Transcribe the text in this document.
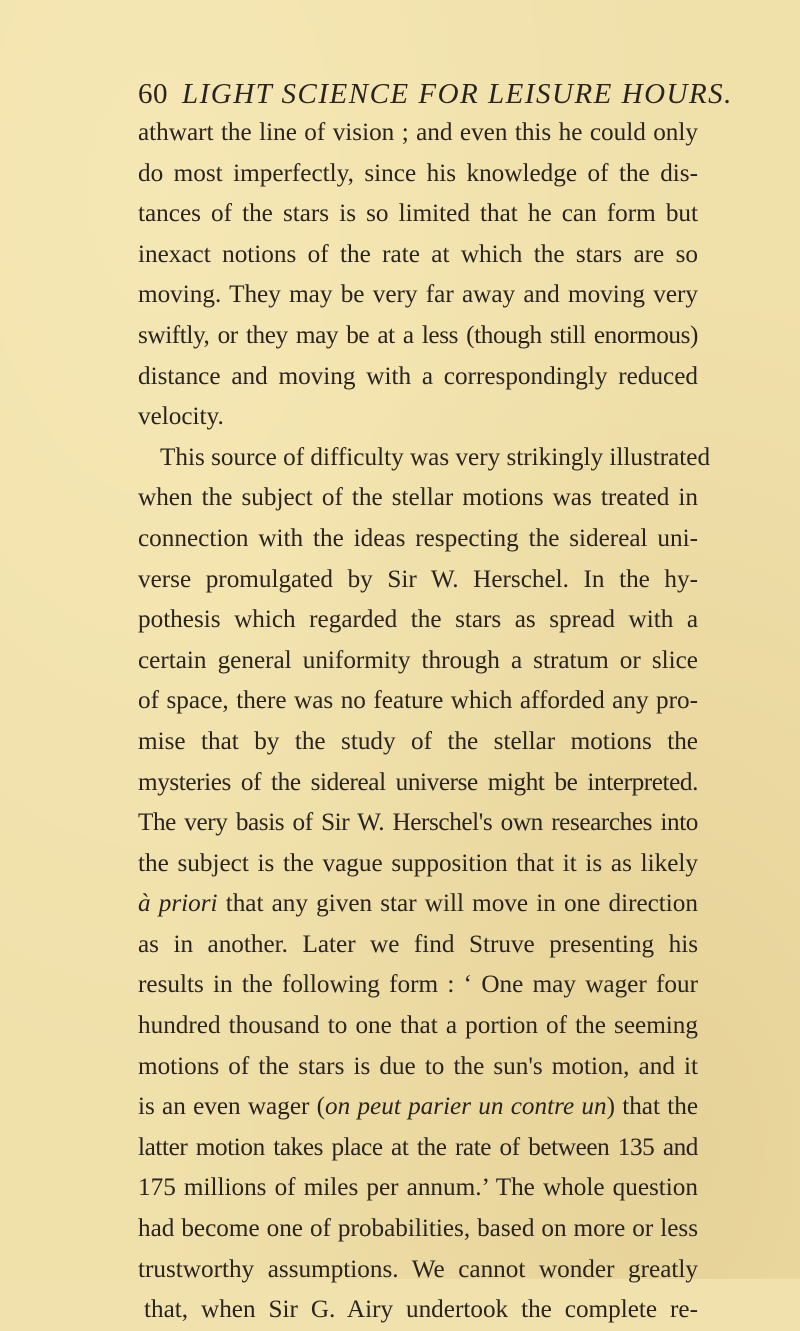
60 LIGHT SCIENCE FOR LEISURE HOURS.
athwart the line of vision ; and even this he could only
do most imperfectly, since his knowledge of the dis-
tances of the stars is so limited that he can form but
inexact notions of the rate at which the stars are so
moving. They may be very far away and moving very
swiftly, or they may be at a less (though still enormous)
distance and moving with a correspondingly reduced
velocity.
This source of difficulty was very strikingly illustrated
when the subject of the stellar motions was treated in
connection with the ideas respecting the sidereal uni-
verse promulgated by Sir W. Herschel. In the hy-
pothesis which regarded the stars as spread with a
certain general uniformity through a stratum or slice
of space, there was no feature which afforded any pro-
mise that by the study of the stellar motions the
mysteries of the sidereal universe might be interpreted.
The very basis of Sir W. Herschel's own researches into
the subject is the vague supposition that it is as likely
à priori that any given star will move in one direction
as in another. Later we find Struve presenting his
results in the following form : ‘ One may wager four
hundred thousand to one that a portion of the seeming
motions of the stars is due to the sun's motion, and it
is an even wager (on peut parier un contre un) that the
latter motion takes place at the rate of between 135 and
175 millions of miles per annum.’ The whole question
had become one of probabilities, based on more or less
trustworthy assumptions. We cannot wonder greatly
that, when Sir G. Airy undertook the complete re-
